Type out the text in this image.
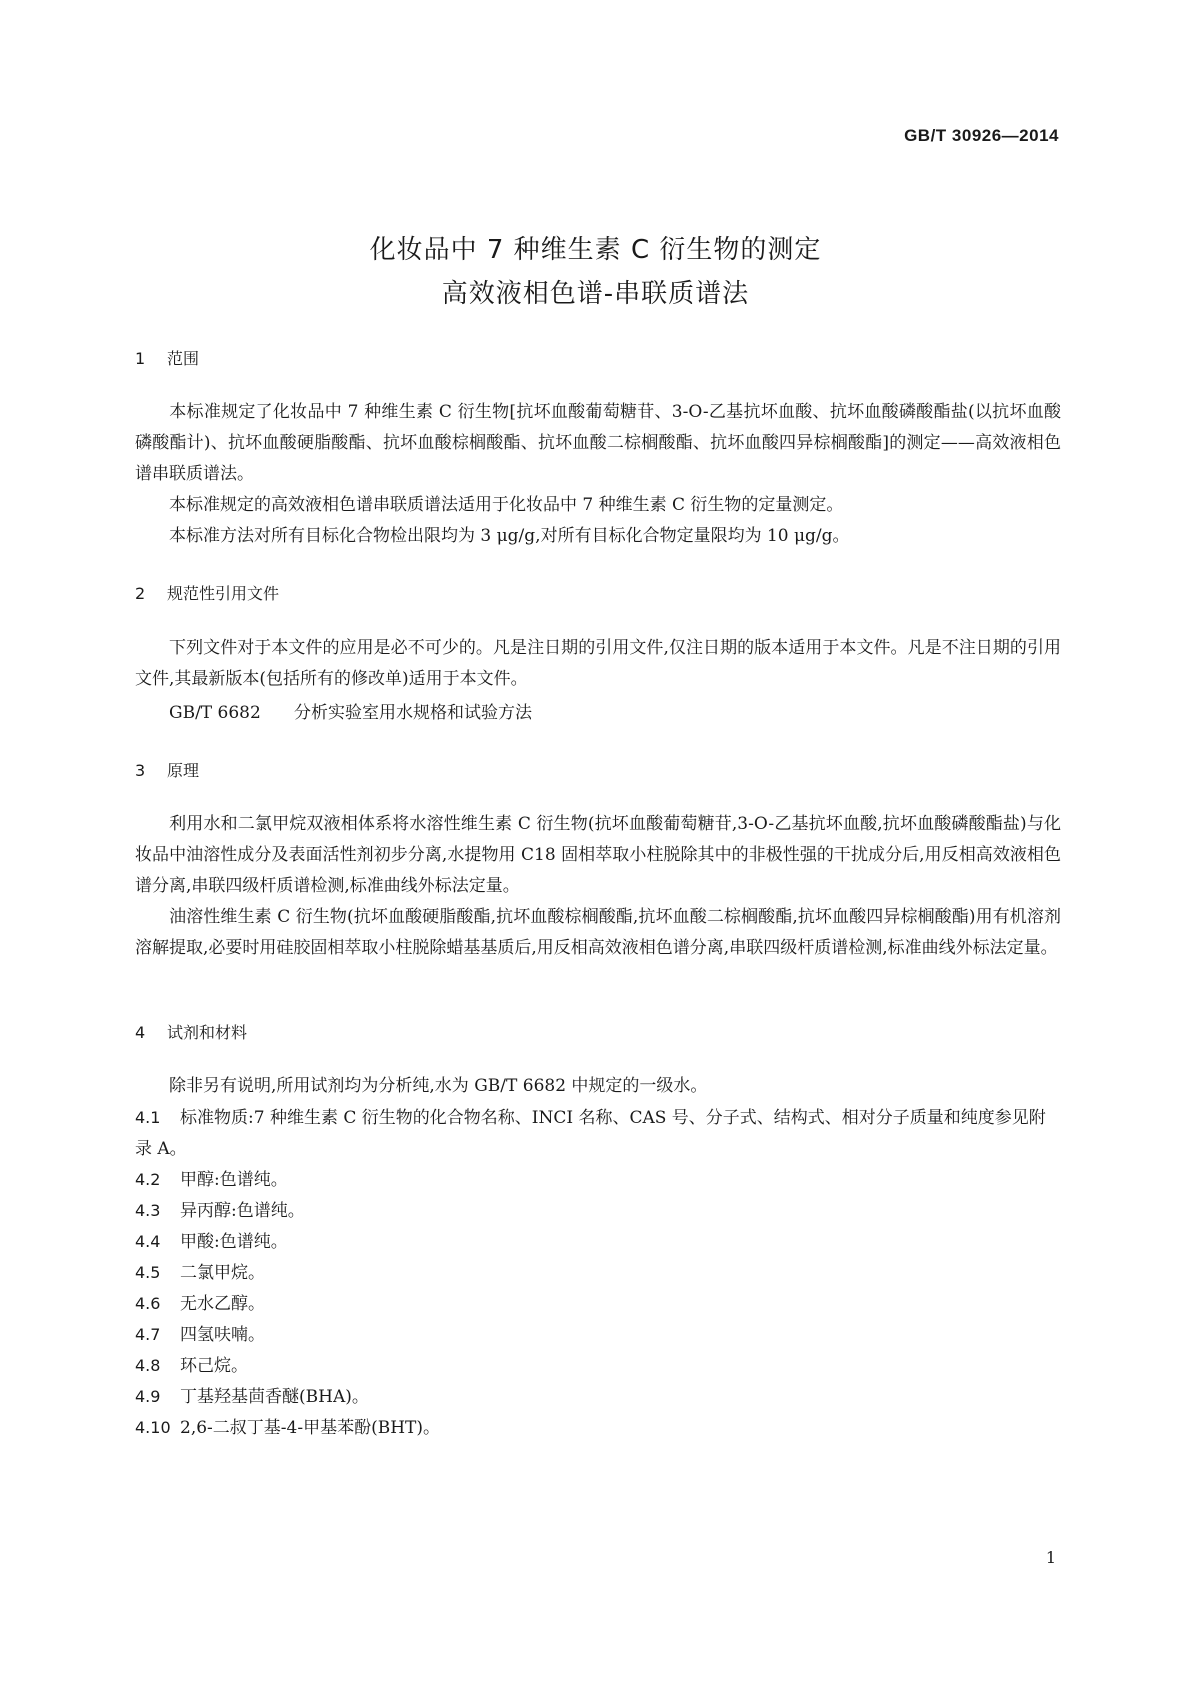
GB/T 30926—2014
化妆品中 7 种维生素 C 衍生物的测定
高效液相色谱-串联质谱法
1 范围
本标准规定了化妆品中 7 种维生素 C 衍生物[抗坏血酸葡萄糖苷、3-O-乙基抗坏血酸、抗坏血酸磷酸酯盐(以抗坏血酸磷酸酯计)、抗坏血酸硬脂酸酯、抗坏血酸棕榈酸酯、抗坏血酸二棕榈酸酯、抗坏血酸四异棕榈酸酯]的测定——高效液相色谱串联质谱法。
本标准规定的高效液相色谱串联质谱法适用于化妆品中 7 种维生素 C 衍生物的定量测定。
本标准方法对所有目标化合物检出限均为 3 μg/g,对所有目标化合物定量限均为 10 μg/g。
2 规范性引用文件
下列文件对于本文件的应用是必不可少的。凡是注日期的引用文件,仅注日期的版本适用于本文件。凡是不注日期的引用文件,其最新版本(包括所有的修改单)适用于本文件。
GB/T 6682 分析实验室用水规格和试验方法
3 原理
利用水和二氯甲烷双液相体系将水溶性维生素 C 衍生物(抗坏血酸葡萄糖苷,3-O-乙基抗坏血酸,抗坏血酸磷酸酯盐)与化妆品中油溶性成分及表面活性剂初步分离,水提物用 C18 固相萃取小柱脱除其中的非极性强的干扰成分后,用反相高效液相色谱分离,串联四级杆质谱检测,标准曲线外标法定量。
油溶性维生素 C 衍生物(抗坏血酸硬脂酸酯,抗坏血酸棕榈酸酯,抗坏血酸二棕榈酸酯,抗坏血酸四异棕榈酸酯)用有机溶剂溶解提取,必要时用硅胶固相萃取小柱脱除蜡基基质后,用反相高效液相色谱分离,串联四级杆质谱检测,标准曲线外标法定量。
4 试剂和材料
除非另有说明,所用试剂均为分析纯,水为 GB/T 6682 中规定的一级水。
4.1 标准物质:7 种维生素 C 衍生物的化合物名称、INCI 名称、CAS 号、分子式、结构式、相对分子质量和纯度参见附录 A。
4.2 甲醇:色谱纯。
4.3 异丙醇:色谱纯。
4.4 甲酸:色谱纯。
4.5 二氯甲烷。
4.6 无水乙醇。
4.7 四氢呋喃。
4.8 环己烷。
4.9 丁基羟基茴香醚(BHA)。
4.10 2,6-二叔丁基-4-甲基苯酚(BHT)。
1
